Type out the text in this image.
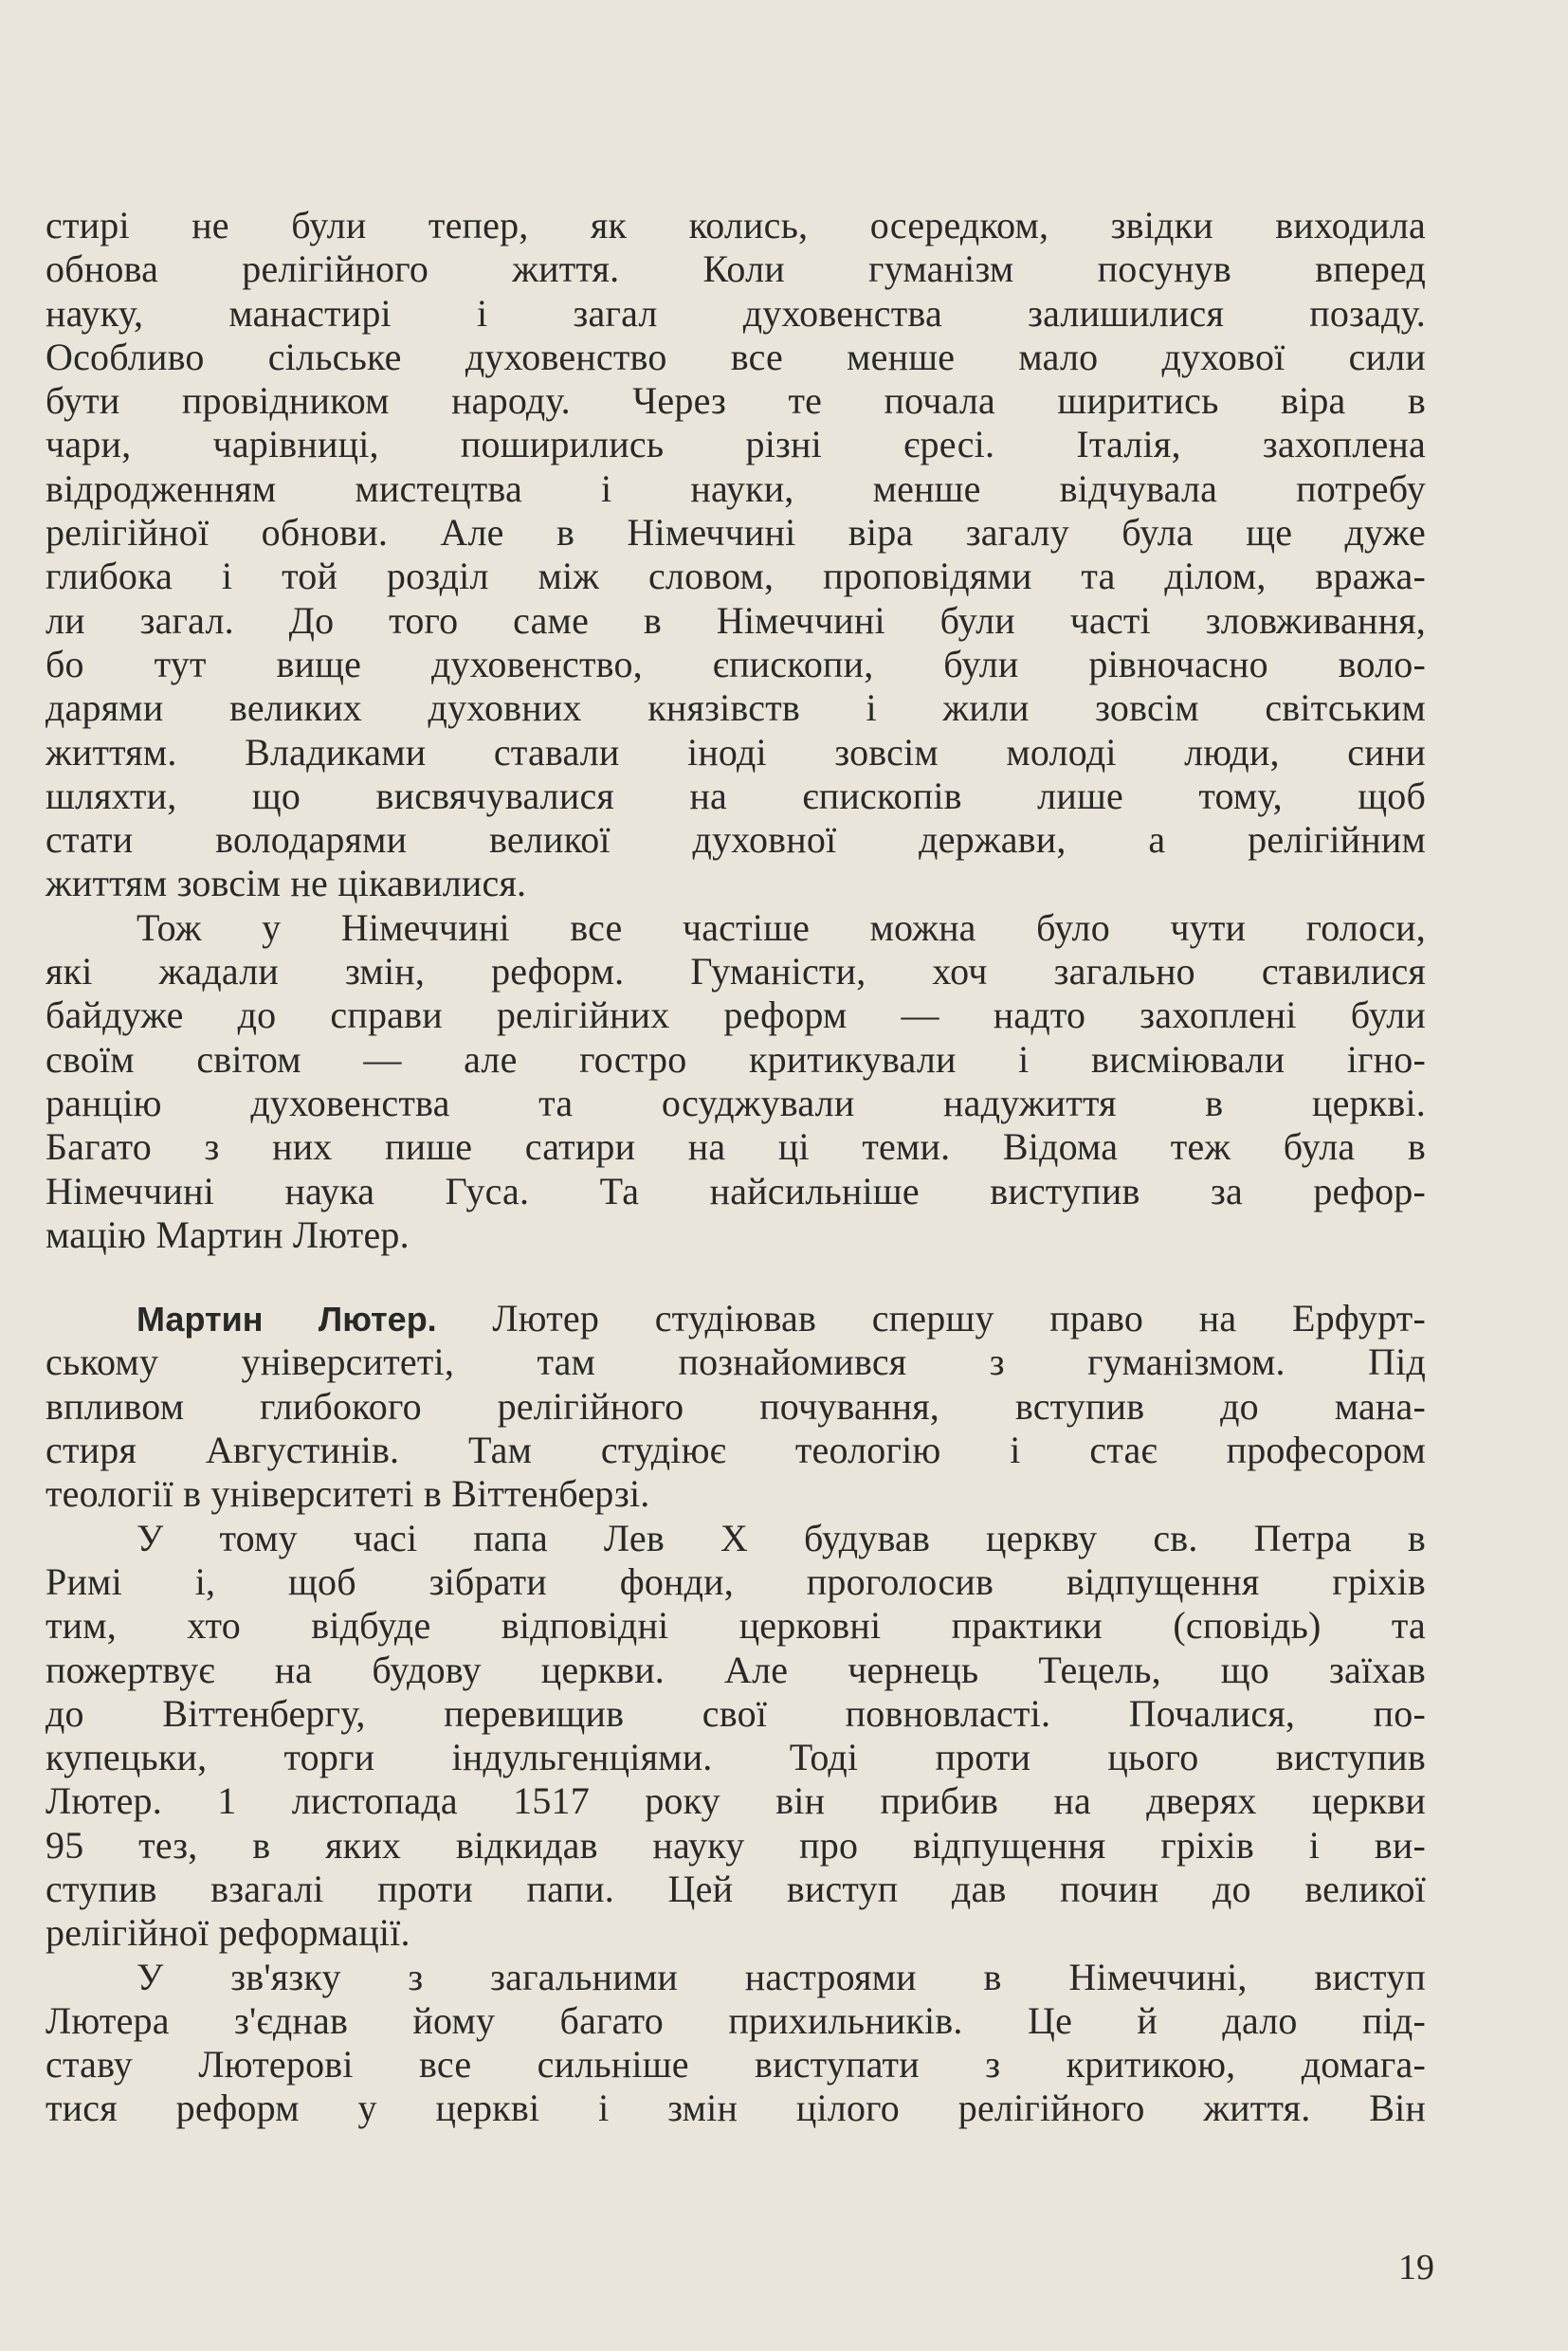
стирі не були тепер, як колись, осередком, звідки виходила
обнова релігійного життя. Коли гуманізм посунув вперед
науку, манастирі і загал духовенства залишилися позаду.
Особливо сільське духовенство все менше мало духової сили
бути провідником народу. Через те почала ширитись віра в
чари, чарівниці, поширились різні єресі. Італія, захоплена
відродженням мистецтва і науки, менше відчувала потребу
релігійної обнови. Але в Німеччині віра загалу була ще дуже
глибока і той розділ між словом, проповідями та ділом, вража-
ли загал. До того саме в Німеччині були часті зловживання,
бо тут вище духовенство, єпископи, були рівночасно воло-
дарями великих духовних князівств і жили зовсім світським
життям. Владиками ставали іноді зовсім молоді люди, сини
шляхти, що висвячувалися на єпископів лише тому, щоб
стати володарями великої духовної держави, а релігійним
життям зовсім не цікавилися.
Тож у Німеччині все частіше можна було чути голоси,
які жадали змін, реформ. Гуманісти, хоч загально ставилися
байдуже до справи релігійних реформ — надто захоплені були
своїм світом — але гостро критикували і висміювали ігно-
ранцію духовенства та осуджували надужиття в церкві.
Багато з них пише сатири на ці теми. Відома теж була в
Німеччині наука Гуса. Та найсильніше виступив за рефор-
мацію Мартин Лютер.
Мартин Лютер. Лютер студіював спершу право на Ерфурт-
ському університеті, там познайомився з гуманізмом. Під
впливом глибокого релігійного почування, вступив до мана-
стиря Августинів. Там студіює теологію і стає професором
теології в університеті в Віттенберзі.
У тому часі папа Лев X будував церкву св. Петра в
Римі і, щоб зібрати фонди, проголосив відпущення гріхів
тим, хто відбуде відповідні церковні практики (сповідь) та
пожертвує на будову церкви. Але чернець Тецель, що заїхав
до Віттенбергу, перевищив свої повновласті. Почалися, по-
купецьки, торги індульгенціями. Тоді проти цього виступив
Лютер. 1 листопада 1517 року він прибив на дверях церкви
95 тез, в яких відкидав науку про відпущення гріхів і ви-
ступив взагалі проти папи. Цей виступ дав почин до великої
релігійної реформації.
У зв'язку з загальними настроями в Німеччині, виступ
Лютера з'єднав йому багато прихильників. Це й дало під-
ставу Лютерові все сильніше виступати з критикою, домага-
тися реформ у церкві і змін цілого релігійного життя. Він
19
